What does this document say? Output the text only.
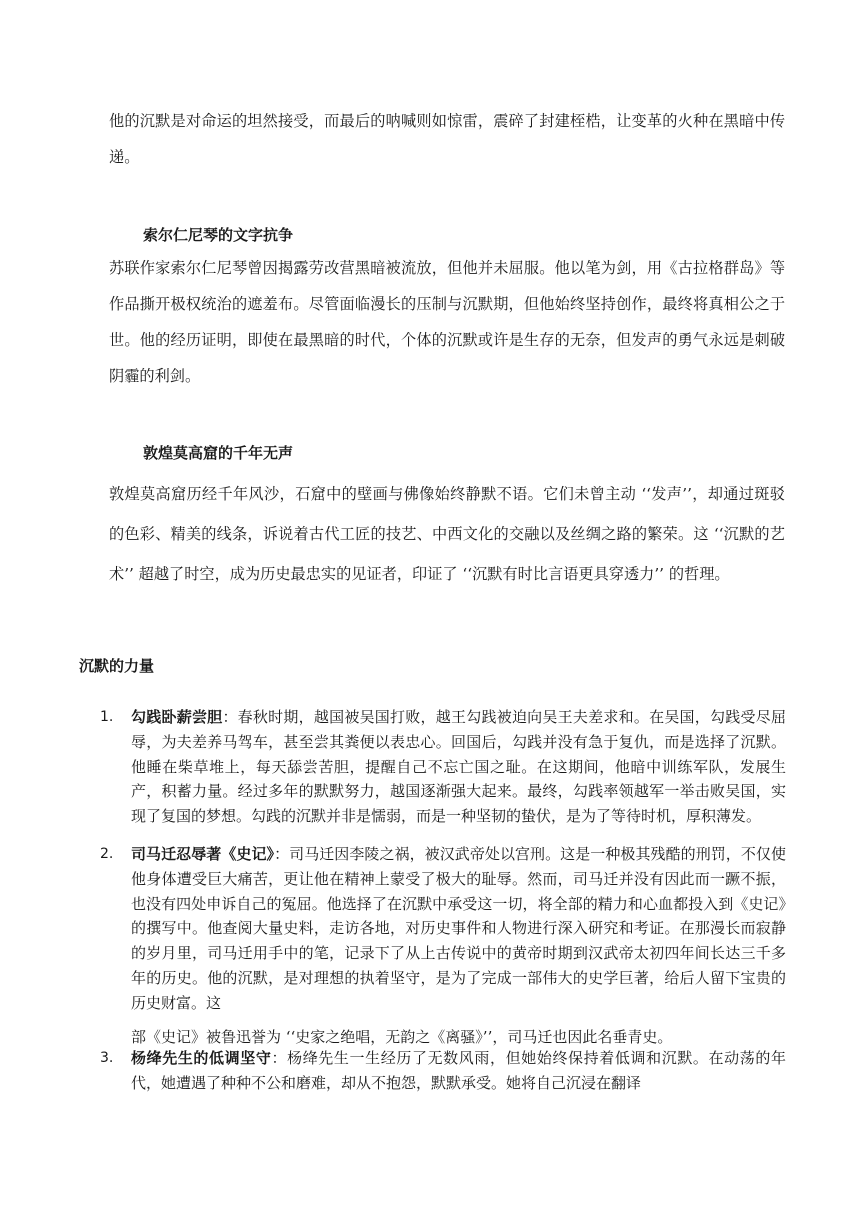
他的沉默是对命运的坦然接受，而最后的呐喊则如惊雷，震碎了封建桎梏，让变革的火种在黑暗中传递。

索尔仁尼琴的文字抗争

苏联作家索尔仁尼琴曾因揭露劳改营黑暗被流放，但他并未屈服。他以笔为剑，用《古拉格群岛》等作品撕开极权统治的遮羞布。尽管面临漫长的压制与沉默期，但他始终坚持创作，最终将真相公之于世。他的经历证明，即使在最黑暗的时代，个体的沉默或许是生存的无奈，但发声的勇气永远是刺破阴霾的利剑。

敦煌莫高窟的千年无声

敦煌莫高窟历经千年风沙，石窟中的壁画与佛像始终静默不语。它们未曾主动 ‘‘发声’’，却通过斑驳的色彩、精美的线条，诉说着古代工匠的技艺、中西文化的交融以及丝绸之路的繁荣。这 ‘‘沉默的艺术’’ 超越了时空，成为历史最忠实的见证者，印证了 ‘‘沉默有时比言语更具穿透力’’ 的哲理。

沉默的力量
1.	勾践卧薪尝胆：春秋时期，越国被吴国打败，越王勾践被迫向吴王夫差求和。在吴国，勾践受尽屈辱，为夫差养马驾车，甚至尝其粪便以表忠心。回国后，勾践并没有急于复仇，而是选择了沉默。他睡在柴草堆上，每天舔尝苦胆，提醒自己不忘亡国之耻。在这期间，他暗中训练军队，发展生产，积蓄力量。经过多年的默默努力，越国逐渐强大起来。最终，勾践率领越军一举击败吴国，实现了复国的梦想。勾践的沉默并非是懦弱，而是一种坚韧的蛰伏，是为了等待时机，厚积薄发。
2.	司马迁忍辱著《史记》：司马迁因李陵之祸，被汉武帝处以宫刑。这是一种极其残酷的刑罚，不仅使他身体遭受巨大痛苦，更让他在精神上蒙受了极大的耻辱。然而，司马迁并没有因此而一蹶不振，也没有四处申诉自己的冤屈。他选择了在沉默中承受这一切，将全部的精力和心血都投入到《史记》的撰写中。他查阅大量史料，走访各地，对历史事件和人物进行深入研究和考证。在那漫长而寂静的岁月里，司马迁用手中的笔，记录下了从上古传说中的黄帝时期到汉武帝太初四年间长达三千多年的历史。他的沉默，是对理想的执着坚守，是为了完成一部伟大的史学巨著，给后人留下宝贵的历史财富。这
部《史记》被鲁迅誉为 ‘‘史家之绝唱，无韵之《离骚》’’，司马迁也因此名垂青史。
3.	杨绛先生的低调坚守：杨绛先生一生经历了无数风雨，但她始终保持着低调和沉默。在动荡的年代，她遭遇了种种不公和磨难，却从不抱怨，默默承受。她将自己沉浸在翻译
